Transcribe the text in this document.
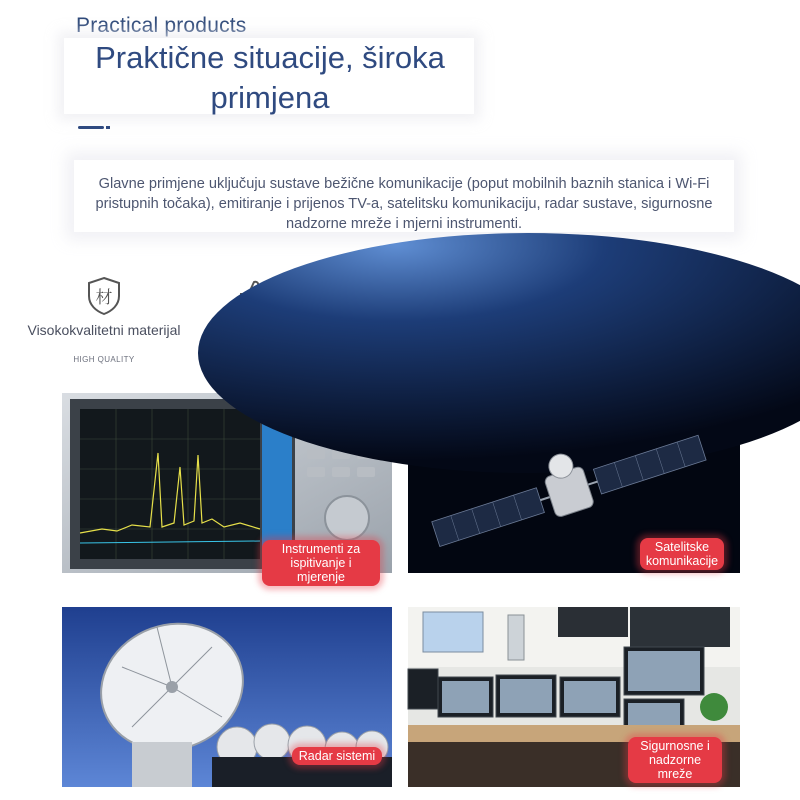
Practical products
Praktične situacije, široka primjena
Glavne primjene uključuju sustave bežične komunikacije (poput mobilnih baznih stanica i Wi-Fi pristupnih točaka), emitiranje i prijenos TV-a, satelitsku komunikaciju, radar sustave, sigurnosne nadzorne mreže i mjerni instrumenti.
材
Visokokvalitetni materijal
HIGH QUALITY
Instrumenti za ispitivanje i mjerenje
Satelitske komunikacije
Radar sistemi
Sigurnosne i nadzorne mreže
